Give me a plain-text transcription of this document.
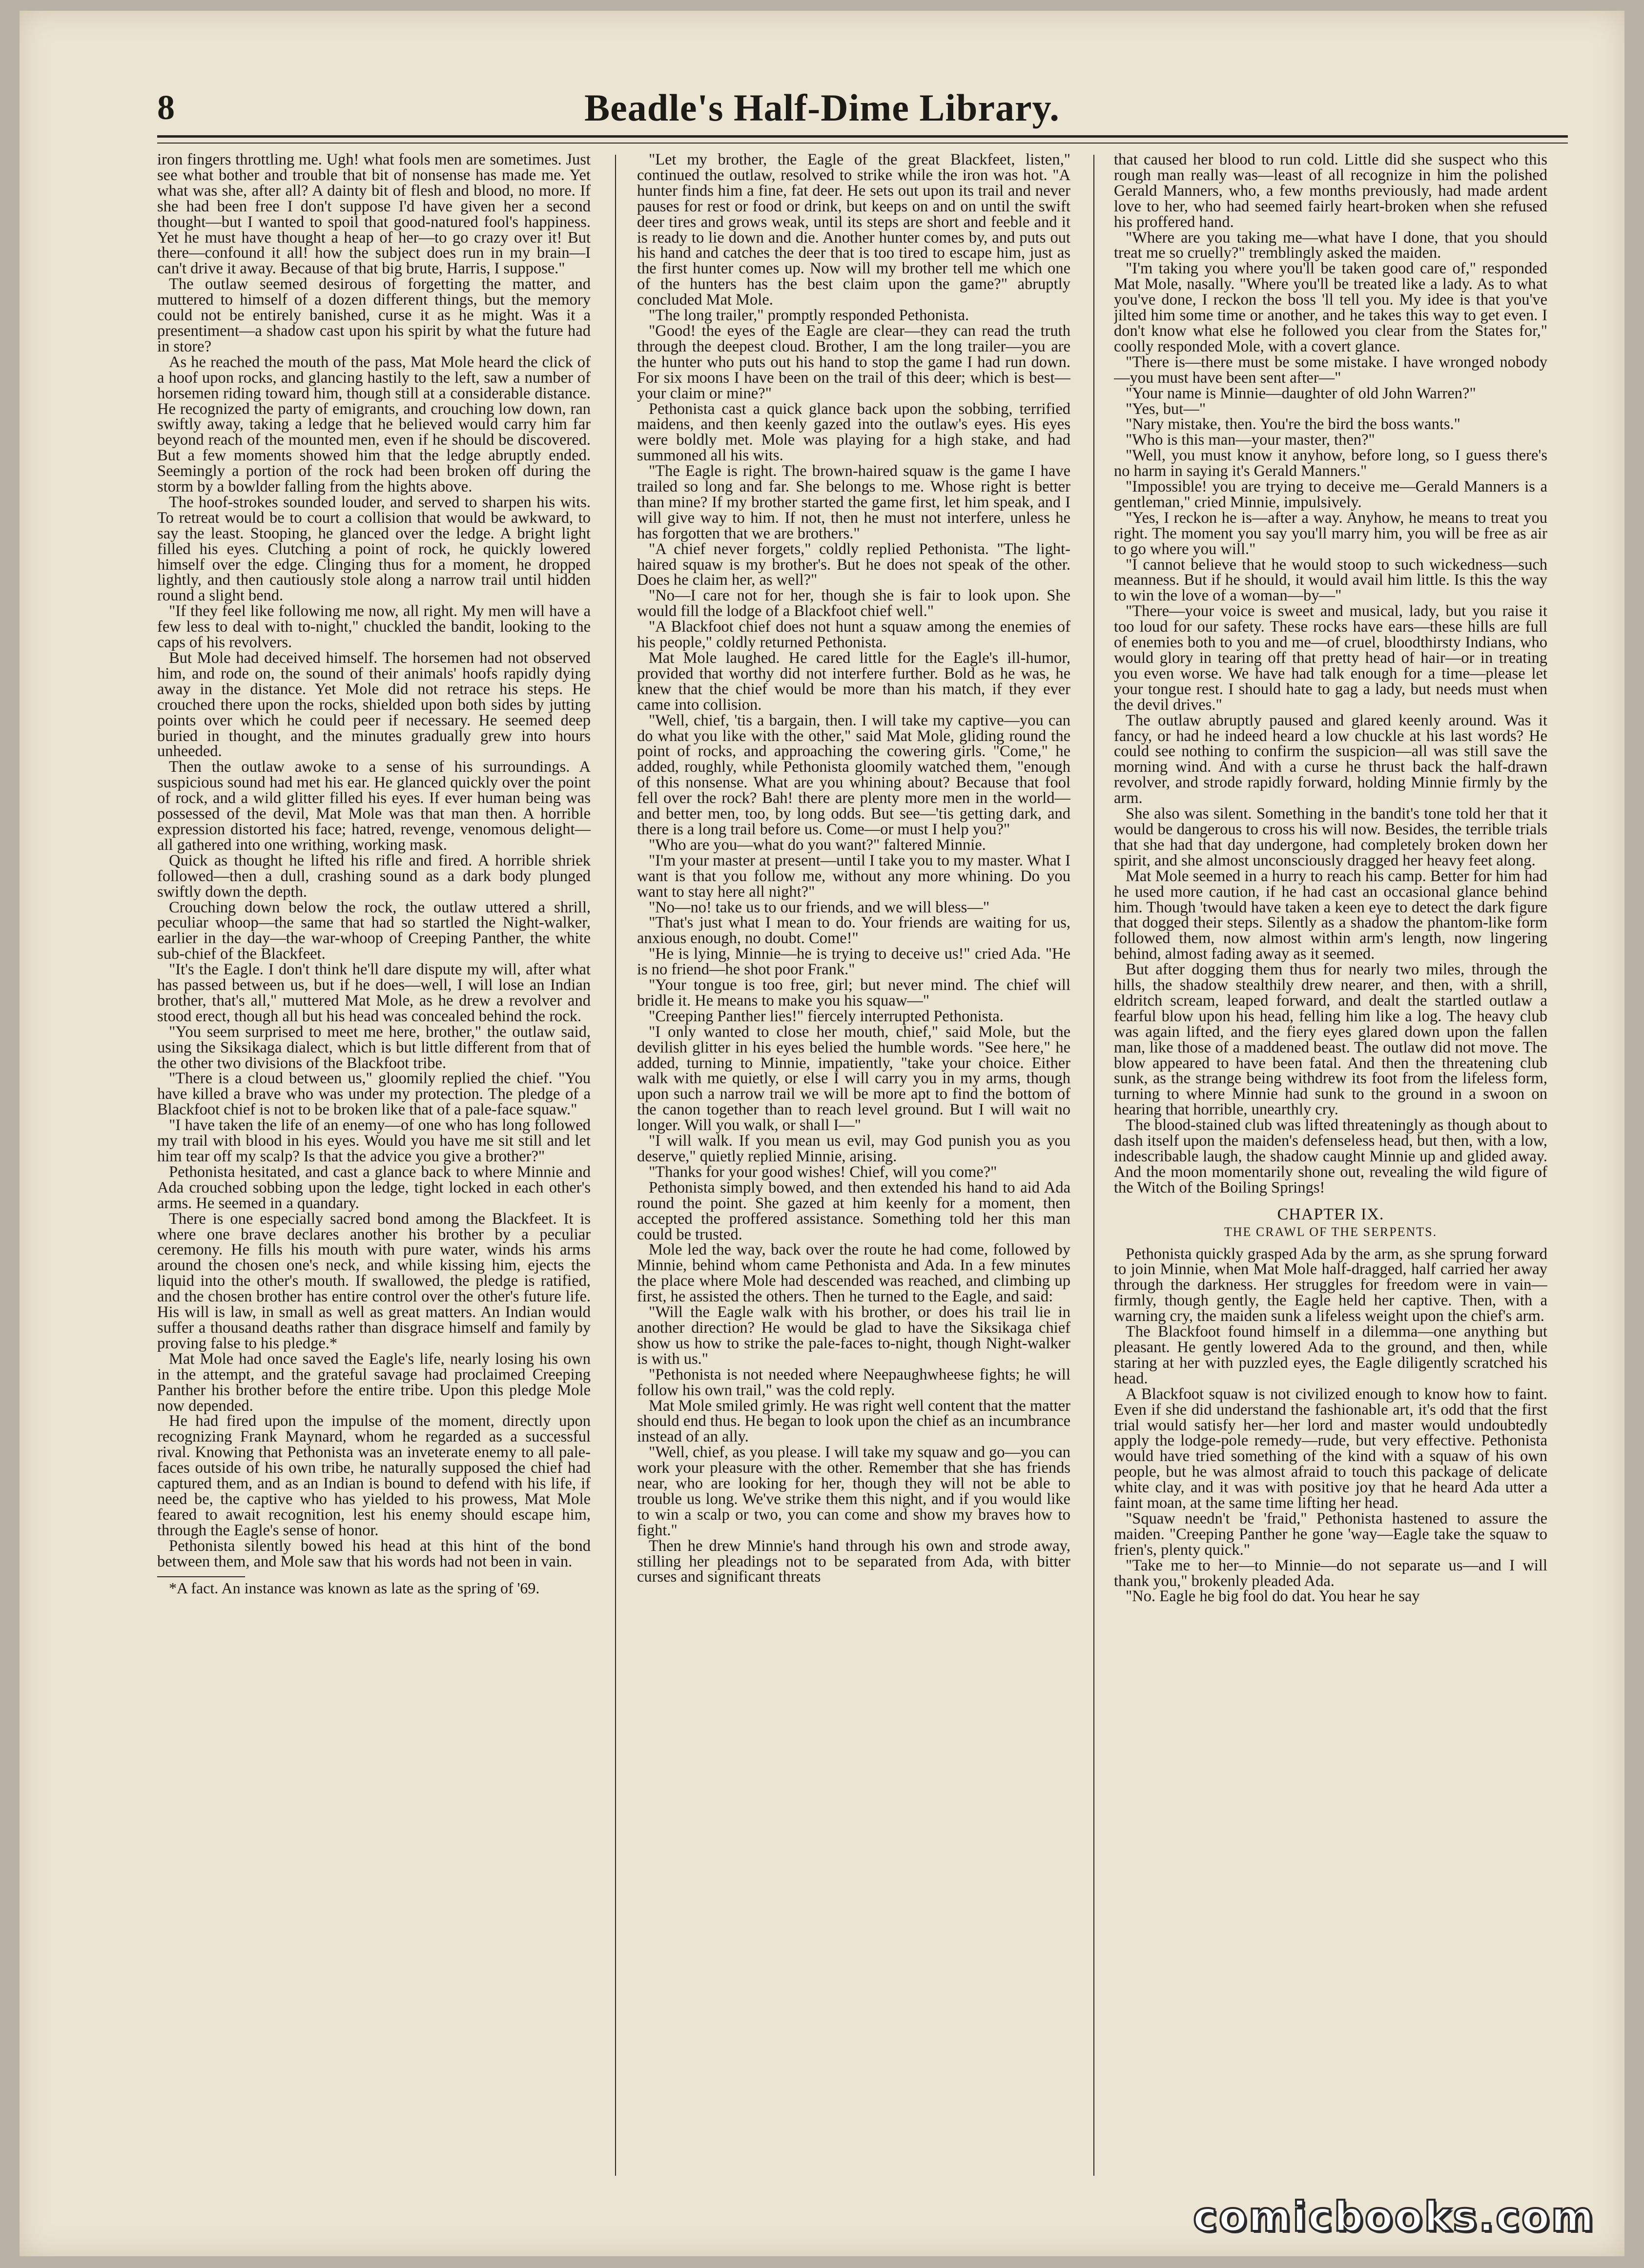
8	Beadle's Half-Dime Library.

iron fingers throttling me. Ugh! what fools men are sometimes. Just see what bother and trouble that bit of nonsense has made me. Yet what was she, after all? A dainty bit of flesh and blood, no more. If she had been free I don't suppose I'd have given her a second thought—but I wanted to spoil that good-natured fool's happiness. Yet he must have thought a heap of her—to go crazy over it! But there—confound it all! how the subject does run in my brain—I can't drive it away. Because of that big brute, Harris, I suppose."

The outlaw seemed desirous of forgetting the matter, and muttered to himself of a dozen different things, but the memory could not be entirely banished, curse it as he might. Was it a presentiment—a shadow cast upon his spirit by what the future had in store?

As he reached the mouth of the pass, Mat Mole heard the click of a hoof upon rocks, and glancing hastily to the left, saw a number of horsemen riding toward him, though still at a considerable distance. He recognized the party of emigrants, and crouching low down, ran swiftly away, taking a ledge that he believed would carry him far beyond reach of the mounted men, even if he should be discovered. But a few moments showed him that the ledge abruptly ended. Seemingly a portion of the rock had been broken off during the storm by a bowlder falling from the hights above.

The hoof-strokes sounded louder, and served to sharpen his wits. To retreat would be to court a collision that would be awkward, to say the least. Stooping, he glanced over the ledge. A bright light filled his eyes. Clutching a point of rock, he quickly lowered himself over the edge. Clinging thus for a moment, he dropped lightly, and then cautiously stole along a narrow trail until hidden round a slight bend.

"If they feel like following me now, all right. My men will have a few less to deal with to-night," chuckled the bandit, looking to the caps of his revolvers.

But Mole had deceived himself. The horsemen had not observed him, and rode on, the sound of their animals' hoofs rapidly dying away in the distance. Yet Mole did not retrace his steps. He crouched there upon the rocks, shielded upon both sides by jutting points over which he could peer if necessary. He seemed deep buried in thought, and the minutes gradually grew into hours unheeded.

Then the outlaw awoke to a sense of his surroundings. A suspicious sound had met his ear. He glanced quickly over the point of rock, and a wild glitter filled his eyes. If ever human being was possessed of the devil, Mat Mole was that man then. A horrible expression distorted his face; hatred, revenge, venomous delight—all gathered into one writhing, working mask.

Quick as thought he lifted his rifle and fired. A horrible shriek followed—then a dull, crashing sound as a dark body plunged swiftly down the depth.

Crouching down below the rock, the outlaw uttered a shrill, peculiar whoop—the same that had so startled the Night-walker, earlier in the day—the war-whoop of Creeping Panther, the white sub-chief of the Blackfeet.

"It's the Eagle. I don't think he'll dare dispute my will, after what has passed between us, but if he does—well, I will lose an Indian brother, that's all," muttered Mat Mole, as he drew a revolver and stood erect, though all but his head was concealed behind the rock.

"You seem surprised to meet me here, brother," the outlaw said, using the Siksikaga dialect, which is but little different from that of the other two divisions of the Blackfoot tribe.

"There is a cloud between us," gloomily replied the chief. "You have killed a brave who was under my protection. The pledge of a Blackfoot chief is not to be broken like that of a pale-face squaw."

"I have taken the life of an enemy—of one who has long followed my trail with blood in his eyes. Would you have me sit still and let him tear off my scalp? Is that the advice you give a brother?"

Pethonista hesitated, and cast a glance back to where Minnie and Ada crouched sobbing upon the ledge, tight locked in each other's arms. He seemed in a quandary.

There is one especially sacred bond among the Blackfeet. It is where one brave declares another his brother by a peculiar ceremony. He fills his mouth with pure water, winds his arms around the chosen one's neck, and while kissing him, ejects the liquid into the other's mouth. If swallowed, the pledge is ratified, and the chosen brother has entire control over the other's future life. His will is law, in small as well as great matters. An Indian would suffer a thousand deaths rather than disgrace himself and family by proving false to his pledge.*

Mat Mole had once saved the Eagle's life, nearly losing his own in the attempt, and the grateful savage had proclaimed Creeping Panther his brother before the entire tribe. Upon this pledge Mole now depended.

He had fired upon the impulse of the moment, directly upon recognizing Frank Maynard, whom he regarded as a successful rival. Knowing that Pethonista was an inveterate enemy to all pale-faces outside of his own tribe, he naturally supposed the chief had captured them, and as an Indian is bound to defend with his life, if need be, the captive who has yielded to his prowess, Mat Mole feared to await recognition, lest his enemy should escape him, through the Eagle's sense of honor.

Pethonista silently bowed his head at this hint of the bond between them, and Mole saw that his words had not been in vain.

*A fact. An instance was known as late as the spring of '69.

"Let my brother, the Eagle of the great Blackfeet, listen," continued the outlaw, resolved to strike while the iron was hot. "A hunter finds him a fine, fat deer. He sets out upon its trail and never pauses for rest or food or drink, but keeps on and on until the swift deer tires and grows weak, until its steps are short and feeble and it is ready to lie down and die. Another hunter comes by, and puts out his hand and catches the deer that is too tired to escape him, just as the first hunter comes up. Now will my brother tell me which one of the hunters has the best claim upon the game?" abruptly concluded Mat Mole.

"The long trailer," promptly responded Pethonista.

"Good! the eyes of the Eagle are clear—they can read the truth through the deepest cloud. Brother, I am the long trailer—you are the hunter who puts out his hand to stop the game I had run down. For six moons I have been on the trail of this deer; which is best—your claim or mine?"

Pethonista cast a quick glance back upon the sobbing, terrified maidens, and then keenly gazed into the outlaw's eyes. His eyes were boldly met. Mole was playing for a high stake, and had summoned all his wits.

"The Eagle is right. The brown-haired squaw is the game I have trailed so long and far. She belongs to me. Whose right is better than mine? If my brother started the game first, let him speak, and I will give way to him. If not, then he must not interfere, unless he has forgotten that we are brothers."

"A chief never forgets," coldly replied Pethonista. "The light-haired squaw is my brother's. But he does not speak of the other. Does he claim her, as well?"

"No—I care not for her, though she is fair to look upon. She would fill the lodge of a Blackfoot chief well."

"A Blackfoot chief does not hunt a squaw among the enemies of his people," coldly returned Pethonista.

Mat Mole laughed. He cared little for the Eagle's ill-humor, provided that worthy did not interfere further. Bold as he was, he knew that the chief would be more than his match, if they ever came into collision.

"Well, chief, 'tis a bargain, then. I will take my captive—you can do what you like with the other," said Mat Mole, gliding round the point of rocks, and approaching the cowering girls. "Come," he added, roughly, while Pethonista gloomily watched them, "enough of this nonsense. What are you whining about? Because that fool fell over the rock? Bah! there are plenty more men in the world—and better men, too, by long odds. But see—'tis getting dark, and there is a long trail before us. Come—or must I help you?"

"Who are you—what do you want?" faltered Minnie.

"I'm your master at present—until I take you to my master. What I want is that you follow me, without any more whining. Do you want to stay here all night?"

"No—no! take us to our friends, and we will bless—"

"That's just what I mean to do. Your friends are waiting for us, anxious enough, no doubt. Come!"

"He is lying, Minnie—he is trying to deceive us!" cried Ada. "He is no friend—he shot poor Frank."

"Your tongue is too free, girl; but never mind. The chief will bridle it. He means to make you his squaw—"

"Creeping Panther lies!" fiercely interrupted Pethonista.

"I only wanted to close her mouth, chief," said Mole, but the devilish glitter in his eyes belied the humble words. "See here," he added, turning to Minnie, impatiently, "take your choice. Either walk with me quietly, or else I will carry you in my arms, though upon such a narrow trail we will be more apt to find the bottom of the canon together than to reach level ground. But I will wait no longer. Will you walk, or shall I—"

"I will walk. If you mean us evil, may God punish you as you deserve," quietly replied Minnie, arising.

"Thanks for your good wishes! Chief, will you come?"

Pethonista simply bowed, and then extended his hand to aid Ada round the point. She gazed at him keenly for a moment, then accepted the proffered assistance. Something told her this man could be trusted.

Mole led the way, back over the route he had come, followed by Minnie, behind whom came Pethonista and Ada. In a few minutes the place where Mole had descended was reached, and climbing up first, he assisted the others. Then he turned to the Eagle, and said:

"Will the Eagle walk with his brother, or does his trail lie in another direction? He would be glad to have the Siksikaga chief show us how to strike the pale-faces to-night, though Night-walker is with us."

"Pethonista is not needed where Neepaughwheese fights; he will follow his own trail," was the cold reply.

Mat Mole smiled grimly. He was right well content that the matter should end thus. He began to look upon the chief as an incumbrance instead of an ally.

"Well, chief, as you please. I will take my squaw and go—you can work your pleasure with the other. Remember that she has friends near, who are looking for her, though they will not be able to trouble us long. We've strike them this night, and if you would like to win a scalp or two, you can come and show my braves how to fight."

Then he drew Minnie's hand through his own and strode away, stilling her pleadings not to be separated from Ada, with bitter curses and significant threats

that caused her blood to run cold. Little did she suspect who this rough man really was—least of all recognize in him the polished Gerald Manners, who, a few months previously, had made ardent love to her, who had seemed fairly heart-broken when she refused his proffered hand.

"Where are you taking me—what have I done, that you should treat me so cruelly?" tremblingly asked the maiden.

"I'm taking you where you'll be taken good care of," responded Mat Mole, nasally. "Where you'll be treated like a lady. As to what you've done, I reckon the boss 'll tell you. My idee is that you've jilted him some time or another, and he takes this way to get even. I don't know what else he followed you clear from the States for," coolly responded Mole, with a covert glance.

"There is—there must be some mistake. I have wronged nobody—you must have been sent after—"

"Your name is Minnie—daughter of old John Warren?"

"Yes, but—"

"Nary mistake, then. You're the bird the boss wants."

"Who is this man—your master, then?"

"Well, you must know it anyhow, before long, so I guess there's no harm in saying it's Gerald Manners."

"Impossible! you are trying to deceive me—Gerald Manners is a gentleman," cried Minnie, impulsively.

"Yes, I reckon he is—after a way. Anyhow, he means to treat you right. The moment you say you'll marry him, you will be free as air to go where you will."

"I cannot believe that he would stoop to such wickedness—such meanness. But if he should, it would avail him little. Is this the way to win the love of a woman—by—"

"There—your voice is sweet and musical, lady, but you raise it too loud for our safety. These rocks have ears—these hills are full of enemies both to you and me—of cruel, bloodthirsty Indians, who would glory in tearing off that pretty head of hair—or in treating you even worse. We have had talk enough for a time—please let your tongue rest. I should hate to gag a lady, but needs must when the devil drives."

The outlaw abruptly paused and glared keenly around. Was it fancy, or had he indeed heard a low chuckle at his last words? He could see nothing to confirm the suspicion—all was still save the morning wind. And with a curse he thrust back the half-drawn revolver, and strode rapidly forward, holding Minnie firmly by the arm.

She also was silent. Something in the bandit's tone told her that it would be dangerous to cross his will now. Besides, the terrible trials that she had that day undergone, had completely broken down her spirit, and she almost unconsciously dragged her heavy feet along.

Mat Mole seemed in a hurry to reach his camp. Better for him had he used more caution, if he had cast an occasional glance behind him. Though 'twould have taken a keen eye to detect the dark figure that dogged their steps. Silently as a shadow the phantom-like form followed them, now almost within arm's length, now lingering behind, almost fading away as it seemed.

But after dogging them thus for nearly two miles, through the hills, the shadow stealthily drew nearer, and then, with a shrill, eldritch scream, leaped forward, and dealt the startled outlaw a fearful blow upon his head, felling him like a log. The heavy club was again lifted, and the fiery eyes glared down upon the fallen man, like those of a maddened beast. The outlaw did not move. The blow appeared to have been fatal. And then the threatening club sunk, as the strange being withdrew its foot from the lifeless form, turning to where Minnie had sunk to the ground in a swoon on hearing that horrible, unearthly cry.

The blood-stained club was lifted threateningly as though about to dash itself upon the maiden's defenseless head, but then, with a low, indescribable laugh, the shadow caught Minnie up and glided away. And the moon momentarily shone out, revealing the wild figure of the Witch of the Boiling Springs!

CHAPTER IX.
THE CRAWL OF THE SERPENTS.

Pethonista quickly grasped Ada by the arm, as she sprung forward to join Minnie, when Mat Mole half-dragged, half carried her away through the darkness. Her struggles for freedom were in vain—firmly, though gently, the Eagle held her captive. Then, with a warning cry, the maiden sunk a lifeless weight upon the chief's arm.

The Blackfoot found himself in a dilemma—one anything but pleasant. He gently lowered Ada to the ground, and then, while staring at her with puzzled eyes, the Eagle diligently scratched his head.

A Blackfoot squaw is not civilized enough to know how to faint. Even if she did understand the fashionable art, it's odd that the first trial would satisfy her—her lord and master would undoubtedly apply the lodge-pole remedy—rude, but very effective. Pethonista would have tried something of the kind with a squaw of his own people, but he was almost afraid to touch this package of delicate white clay, and it was with positive joy that he heard Ada utter a faint moan, at the same time lifting her head.

"Squaw needn't be 'fraid," Pethonista hastened to assure the maiden. "Creeping Panther he gone 'way—Eagle take the squaw to frien's, plenty quick."

"Take me to her—to Minnie—do not separate us—and I will thank you," brokenly pleaded Ada.

"No. Eagle he big fool do dat. You hear he say

comicbooks.com
